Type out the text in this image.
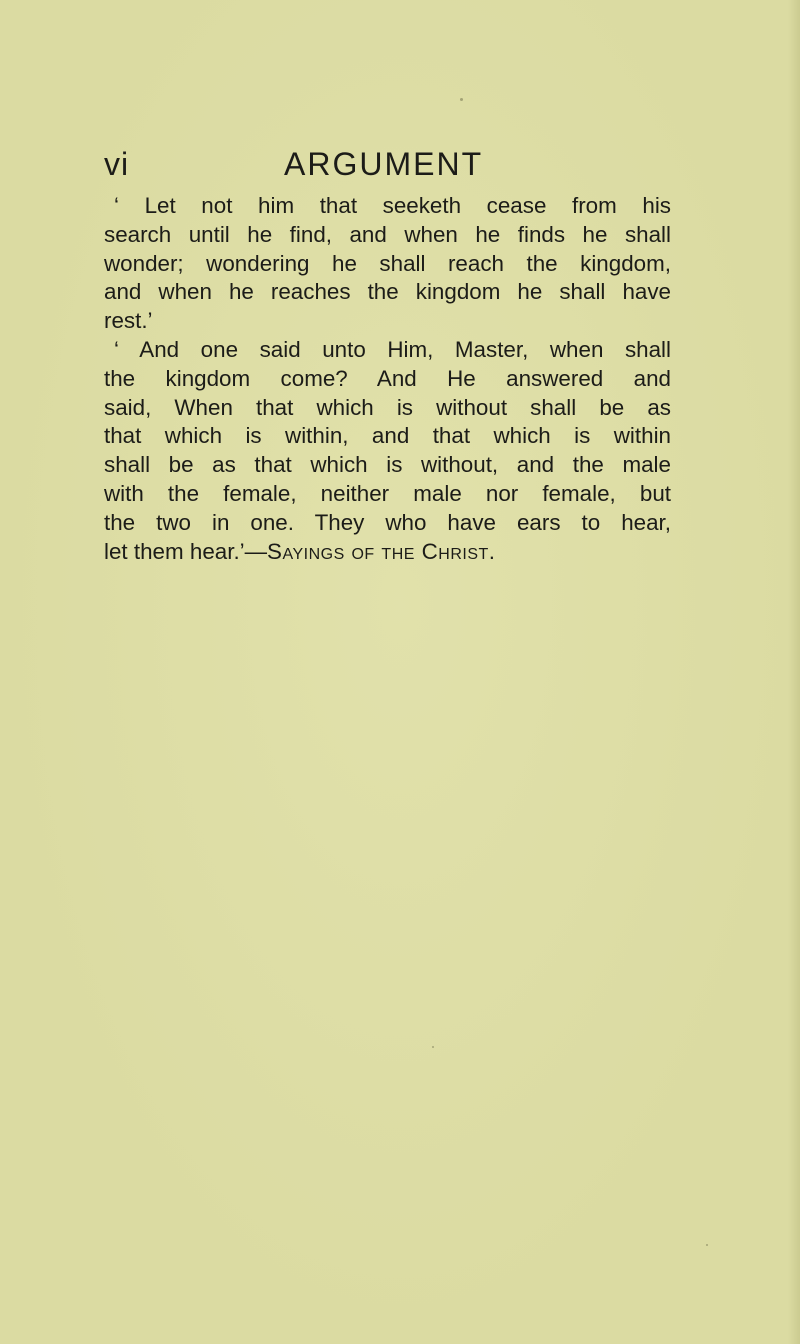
vi	ARGUMENT

‘ Let not him that seeketh cease from his
search until he find, and when he finds he shall
wonder; wondering he shall reach the kingdom,
and when he reaches the kingdom he shall have
rest.’

‘ And one said unto Him, Master, when shall
the kingdom come? And He answered and
said, When that which is without shall be as
that which is within, and that which is within
shall be as that which is without, and the male
with the female, neither male nor female, but
the two in one. They who have ears to hear,
let them hear.’—Sayings of the Christ.
